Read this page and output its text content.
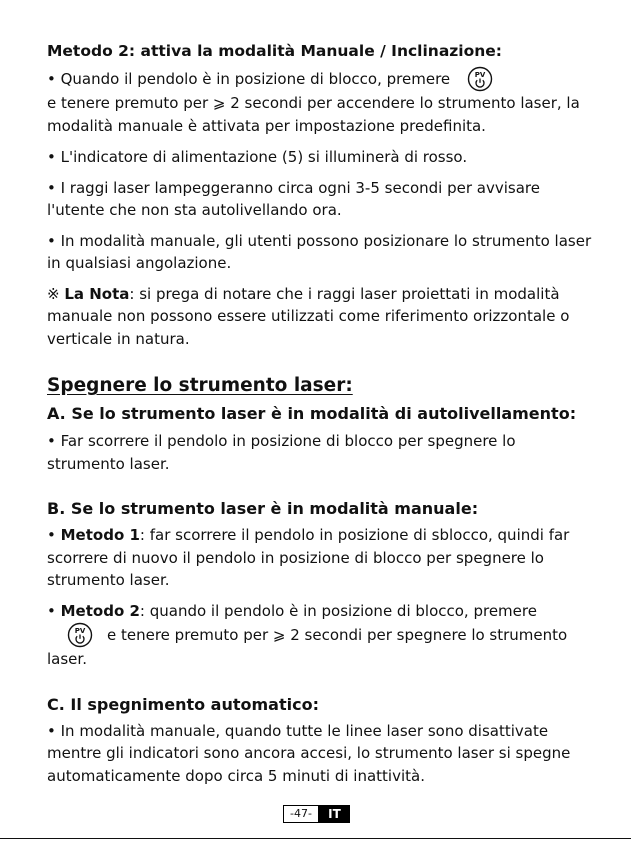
Metodo 2: attiva la modalità Manuale / Inclinazione:

• Quando il pendolo è in posizione di blocco, premere	PV

e tenere premuto per ⩾ 2 secondi per accendere lo strumento laser, la modalità manuale è attivata per impostazione predefinita.

• L'indicatore di alimentazione (5) si illuminerà di rosso.

• I raggi laser lampeggeranno circa ogni 3-5 secondi per avvisare l'utente che non sta autolivellando ora.

• In modalità manuale, gli utenti possono posizionare lo strumento laser in qualsiasi angolazione.

※ La Nota: si prega di notare che i raggi laser proiettati in modalità manuale non possono essere utilizzati come riferimento orizzontale o verticale in natura.

Spegnere lo strumento laser:
A. Se lo strumento laser è in modalità di autolivellamento:

• Far scorrere il pendolo in posizione di blocco per spegnere lo strumento laser.

B. Se lo strumento laser è in modalità manuale:

• Metodo 1: far scorrere il pendolo in posizione di sblocco, quindi far scorrere di nuovo il pendolo in posizione di blocco per spegnere lo strumento laser.

• Metodo 2: quando il pendolo è in posizione di blocco, premere

PV e tenere premuto per ⩾ 2 secondi per spegnere lo strumento laser.

C. Il spegnimento automatico:

• In modalità manuale, quando tutte le linee laser sono disattivate mentre gli indicatori sono ancora accesi, lo strumento laser si spegne automaticamente dopo circa 5 minuti di inattività.

-47-	IT
